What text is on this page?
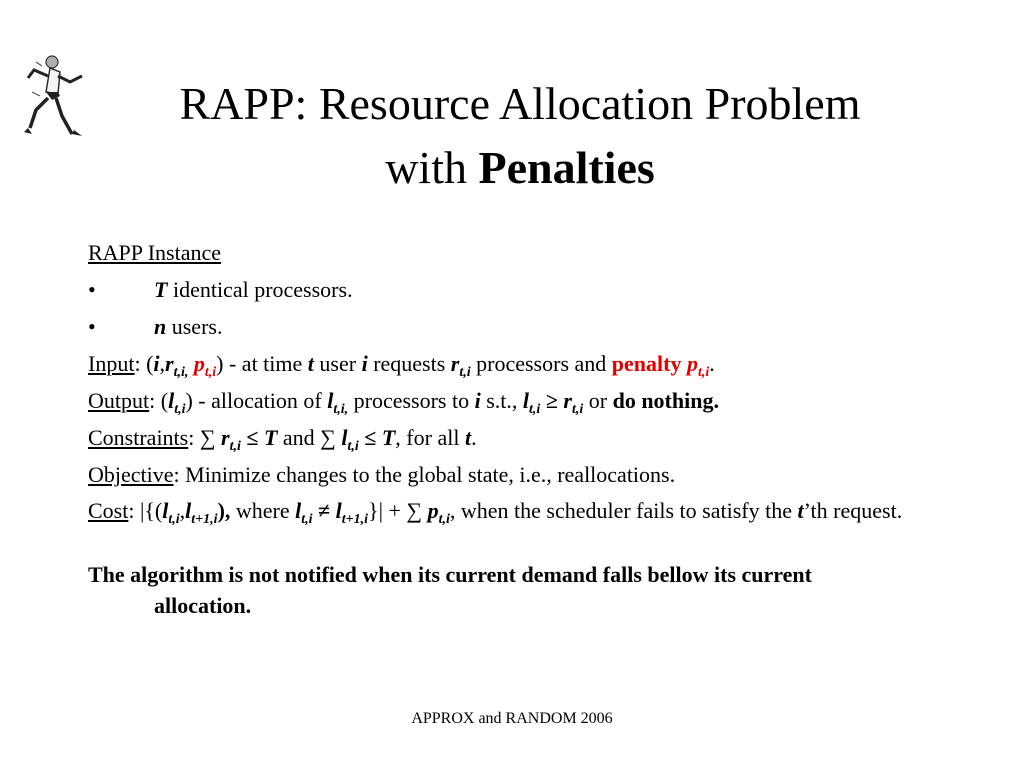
RAPP: Resource Allocation Problem
with Penalties
RAPP Instance
•	T identical processors.
•	n users.
Input: ($i,r_{t,i,}$ $p_{t,i}$) - at time t user i requests $r_{t,i}$ processors and penalty $p_{t,i}$.
Output: $(l_{t,i})$ - allocation of $l_{t,i,}$ processors to i s.t., $l_{t,i} \ge r_{t,i}$ or do nothing.
Constraints: ∑ $r_{t,i} \le T$ and ∑ $l_{t,i} \le T$, for all t.
Objective: Minimize changes to the global state, i.e., reallocations.
Cost: $|\{(l_{t,i},l_{t+1,i})$, where $l_{t,i} \ne l_{t+1,i}\}|$ + ∑ $p_{t,i}$, when the scheduler fails to satisfy the t’th request.
The algorithm is not notified when its current demand falls bellow its current allocation.
APPROX and RANDOM 2006
